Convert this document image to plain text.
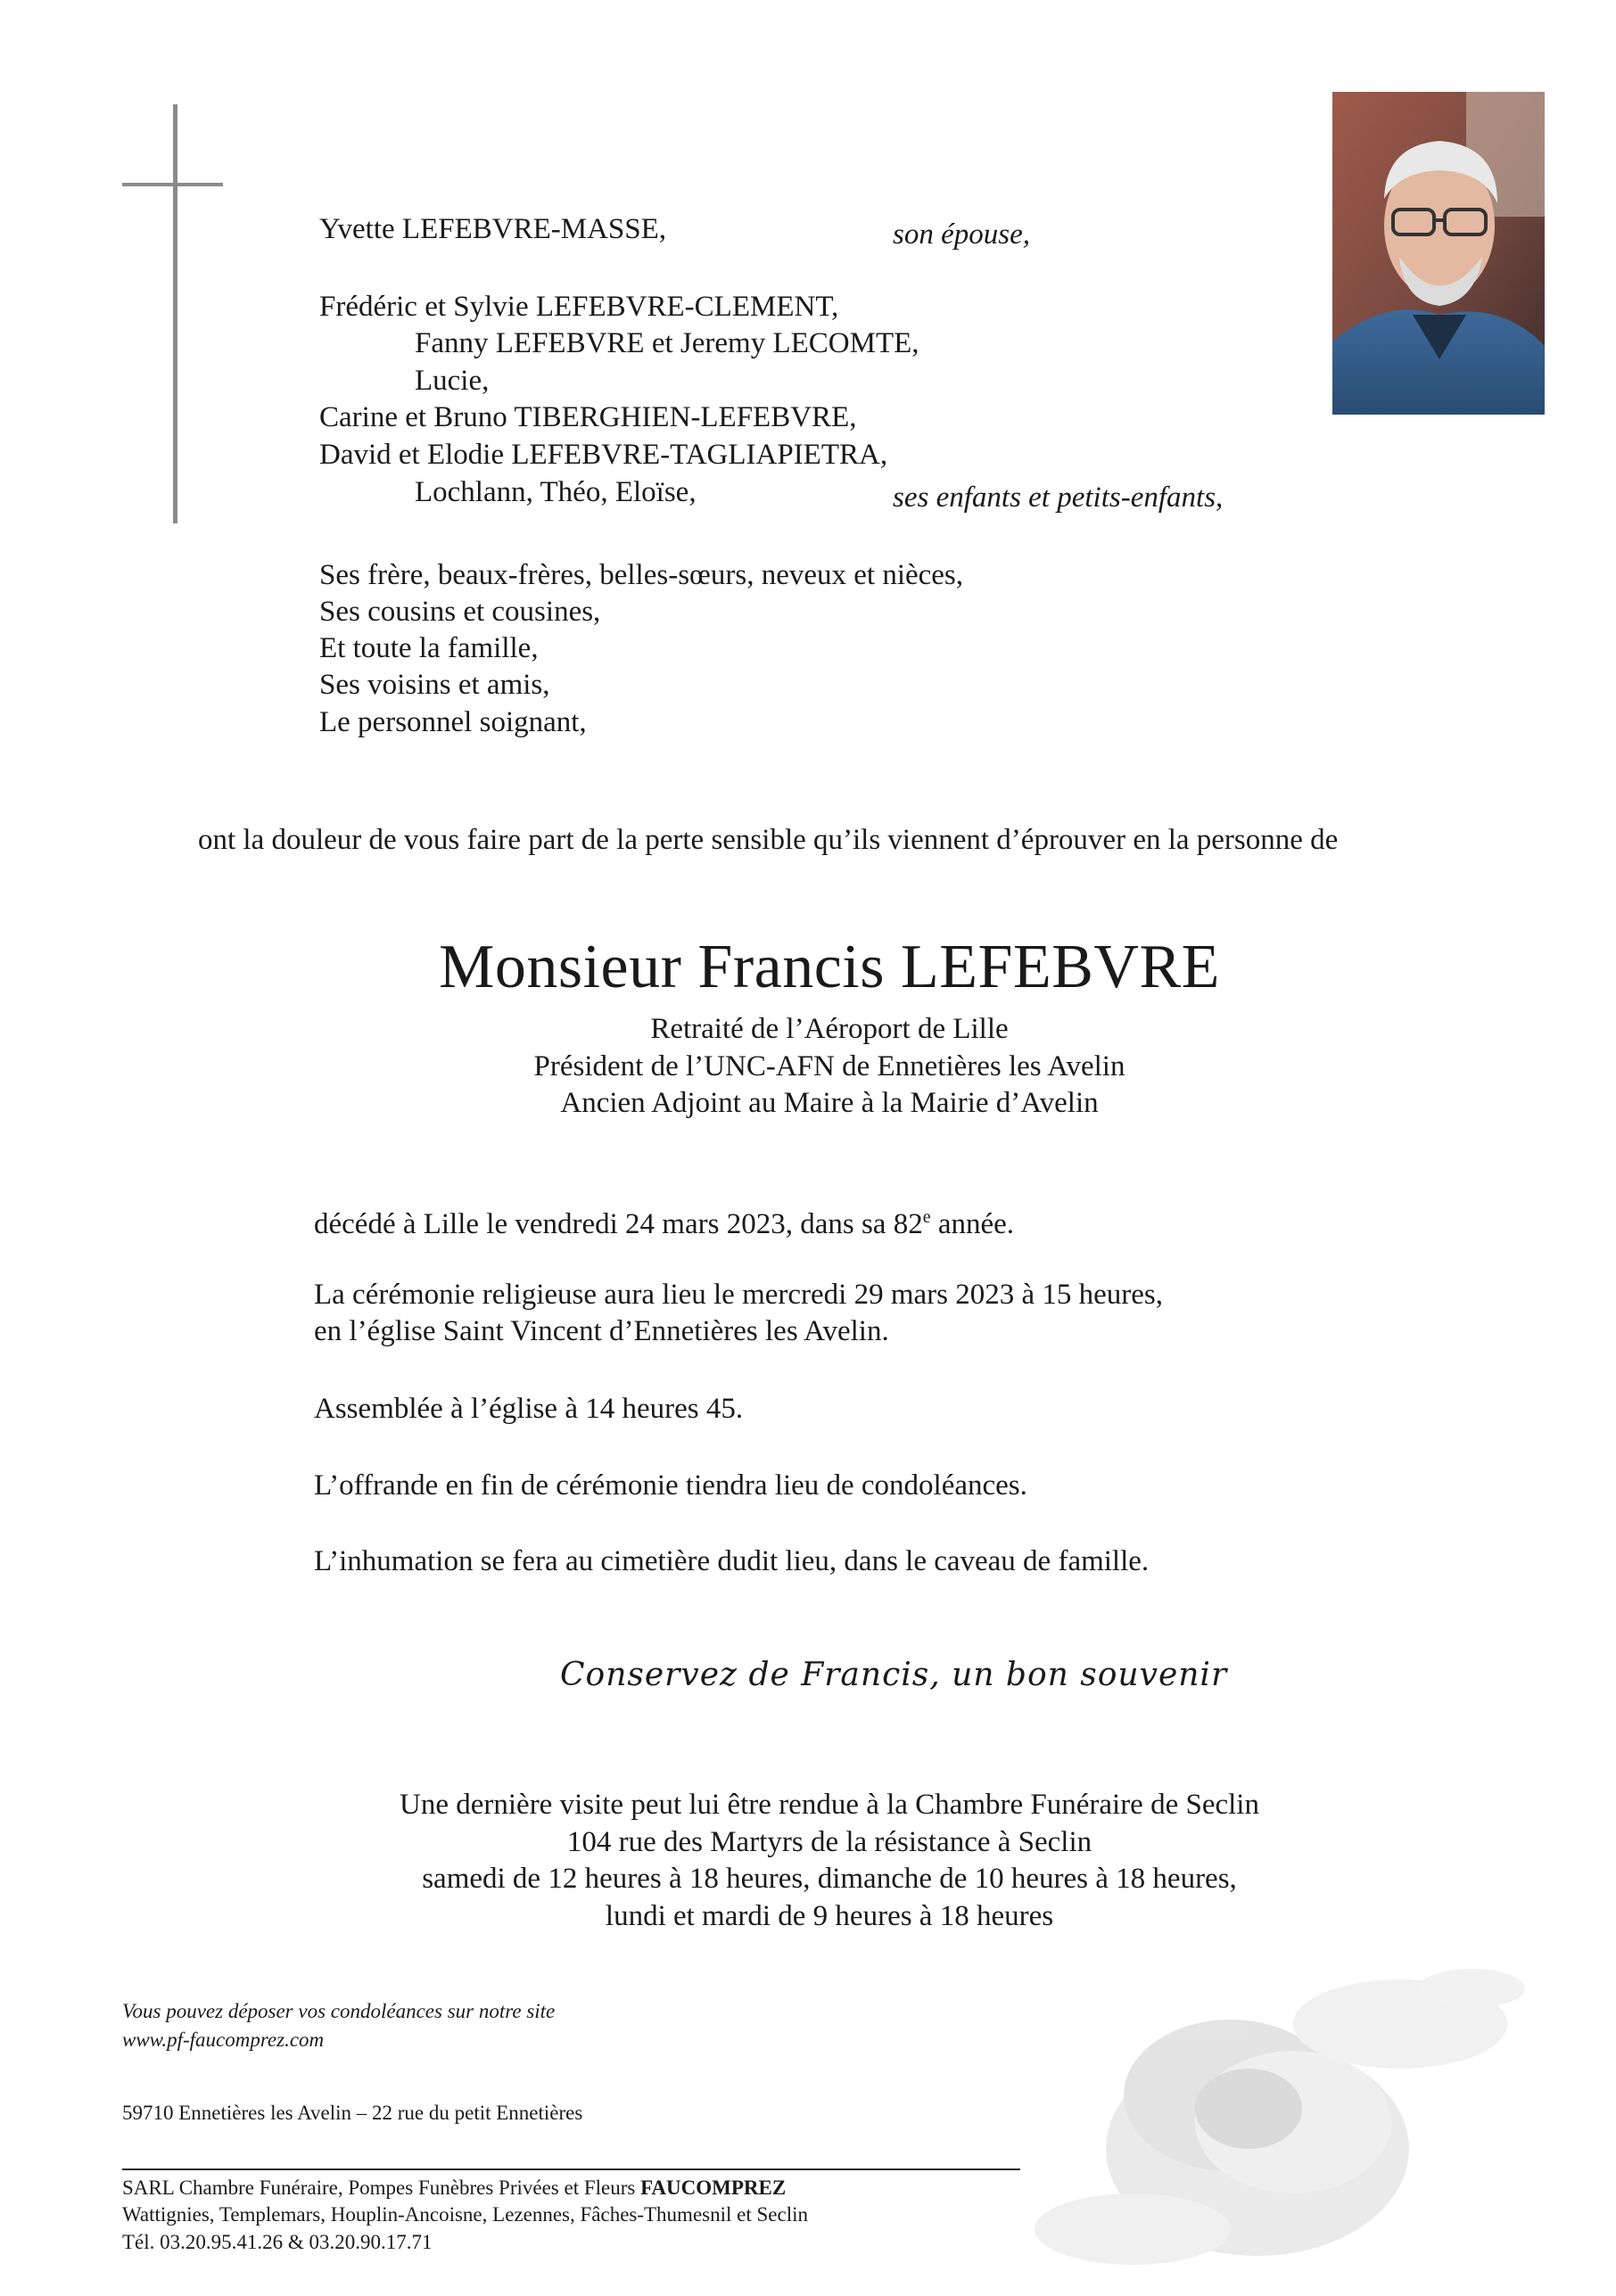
Yvette LEFEBVRE-MASSE,	son épouse,
Frédéric et Sylvie LEFEBVRE-CLEMENT,
Fanny LEFEBVRE et Jeremy LECOMTE,
Lucie,
Carine et Bruno TIBERGHIEN-LEFEBVRE,
David et Elodie LEFEBVRE-TAGLIAPIETRA,
Lochlann, Théo, Eloïse,	ses enfants et petits-enfants,
Ses frère, beaux-frères, belles-sœurs, neveux et nièces,
Ses cousins et cousines,
Et toute la famille,
Ses voisins et amis,
Le personnel soignant,
ont la douleur de vous faire part de la perte sensible qu’ils viennent d’éprouver en la personne de
Monsieur Francis LEFEBVRE
Retraité de l’Aéroport de Lille
Président de l’UNC-AFN de Ennetières les Avelin
Ancien Adjoint au Maire à la Mairie d’Avelin
décédé à Lille le vendredi 24 mars 2023, dans sa 82e année.
La cérémonie religieuse aura lieu le mercredi 29 mars 2023 à 15 heures,
en l’église Saint Vincent d’Ennetières les Avelin.
Assemblée à l’église à 14 heures 45.
L’offrande en fin de cérémonie tiendra lieu de condoléances.
L’inhumation se fera au cimetière dudit lieu, dans le caveau de famille.
Conservez de Francis, un bon souvenir
Une dernière visite peut lui être rendue à la Chambre Funéraire de Seclin
104 rue des Martyrs de la résistance à Seclin
samedi de 12 heures à 18 heures, dimanche de 10 heures à 18 heures,
lundi et mardi de 9 heures à 18 heures
Vous pouvez déposer vos condoléances sur notre site
www.pf-faucomprez.com
59710 Ennetières les Avelin – 22 rue du petit Ennetières
SARL Chambre Funéraire, Pompes Funèbres Privées et Fleurs FAUCOMPREZ
Wattignies, Templemars, Houplin-Ancoisne, Lezennes, Fâches-Thumesnil et Seclin
Tél. 03.20.95.41.26 & 03.20.90.17.71
